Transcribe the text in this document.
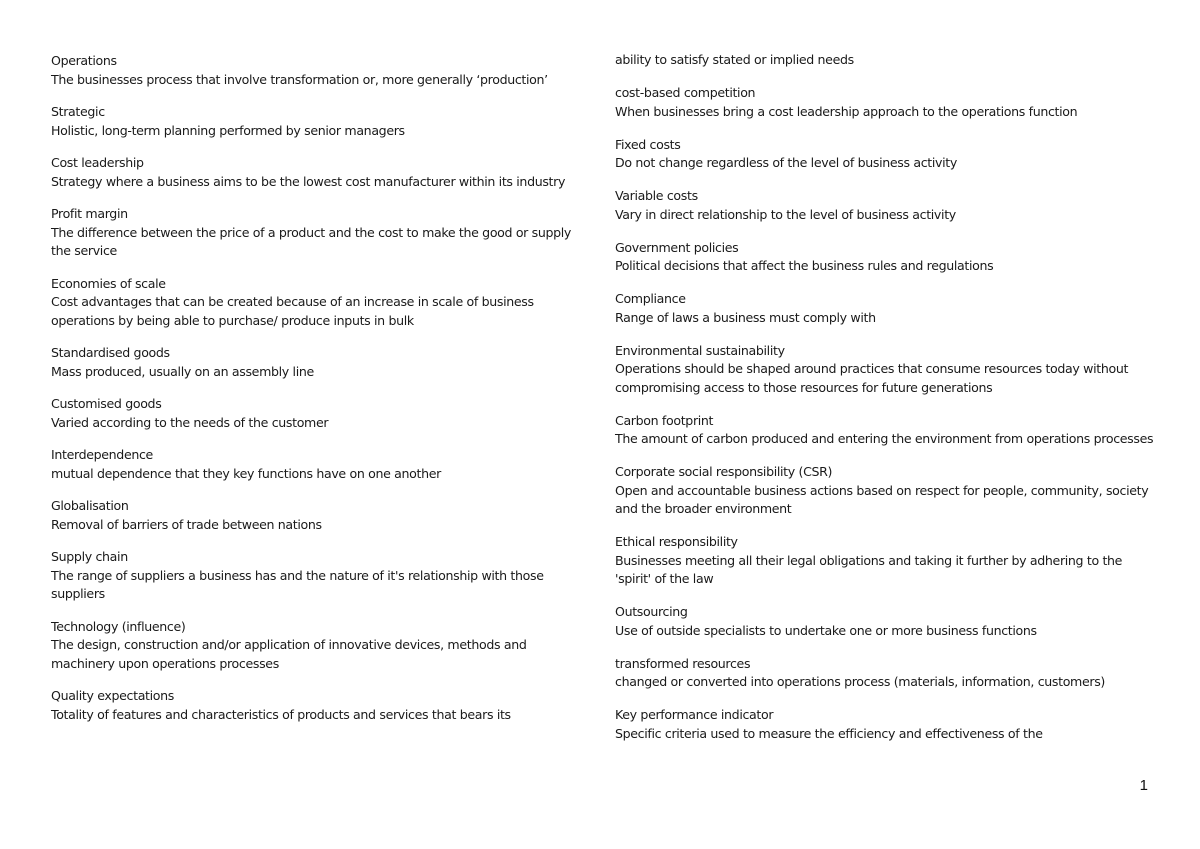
Operations
The businesses process that involve transformation or, more generally ‘production’
Strategic
Holistic, long-term planning performed by senior managers
Cost leadership
Strategy where a business aims to be the lowest cost manufacturer within its industry
Profit margin
The difference between the price of a product and the cost to make the good or supply the service
Economies of scale
Cost advantages that can be created because of an increase in scale of business operations by being able to purchase/ produce inputs in bulk
Standardised goods
Mass produced, usually on an assembly line
Customised goods
Varied according to the needs of the customer
Interdependence
mutual dependence that they key functions have on one another
Globalisation
Removal of barriers of trade between nations
Supply chain
The range of suppliers a business has and the nature of it's relationship with those suppliers
Technology (influence)
The design, construction and/or application of innovative devices, methods and machinery upon operations processes
Quality expectations
Totality of features and characteristics of products and services that bears its
ability to satisfy stated or implied needs
cost-based competition
When businesses bring a cost leadership approach to the operations function
Fixed costs
Do not change regardless of the level of business activity
Variable costs
Vary in direct relationship to the level of business activity
Government policies
Political decisions that affect the business rules and regulations
Compliance
Range of laws a business must comply with
Environmental sustainability
Operations should be shaped around practices that consume resources today without compromising access to those resources for future generations
Carbon footprint
The amount of carbon produced and entering the environment from operations processes
Corporate social responsibility (CSR)
Open and accountable business actions based on respect for people, community, society and the broader environment
Ethical responsibility
Businesses meeting all their legal obligations and taking it further by adhering to the 'spirit' of the law
Outsourcing
Use of outside specialists to undertake one or more business functions
transformed resources
changed or converted into operations process (materials, information, customers)
Key performance indicator
Specific criteria used to measure the efficiency and effectiveness of the
1
